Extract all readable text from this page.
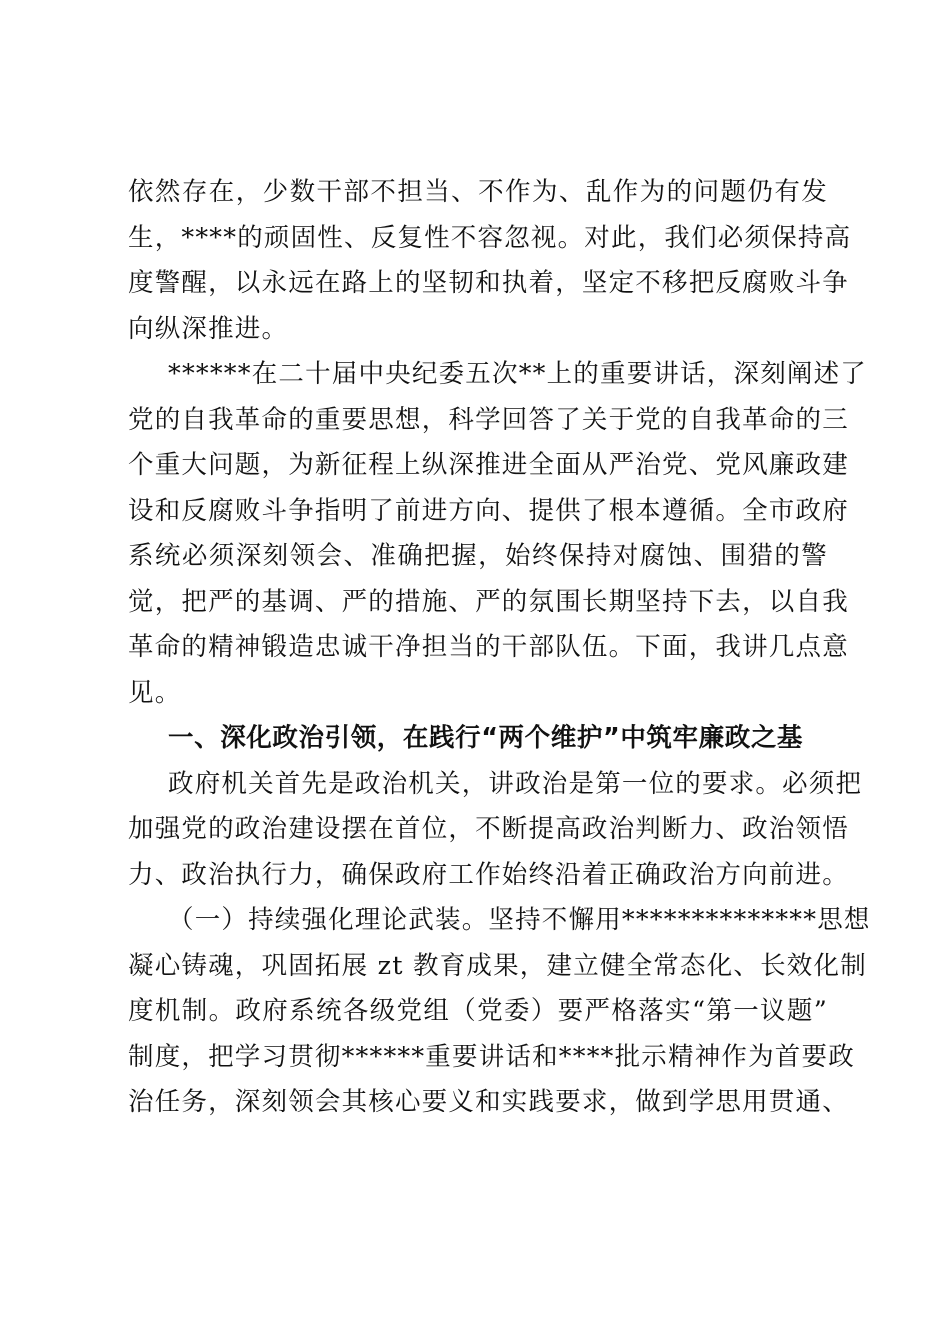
依然存在，少数干部不担当、不作为、乱作为的问题仍有发
生，****的顽固性、反复性不容忽视。对此，我们必须保持高
度警醒，以永远在路上的坚韧和执着，坚定不移把反腐败斗争
向纵深推进。
******在二十届中央纪委五次**上的重要讲话，深刻阐述了
党的自我革命的重要思想，科学回答了关于党的自我革命的三
个重大问题，为新征程上纵深推进全面从严治党、党风廉政建
设和反腐败斗争指明了前进方向、提供了根本遵循。全市政府
系统必须深刻领会、准确把握，始终保持对腐蚀、围猎的警
觉，把严的基调、严的措施、严的氛围长期坚持下去，以自我
革命的精神锻造忠诚干净担当的干部队伍。下面，我讲几点意
见。
一、深化政治引领，在践行“两个维护”中筑牢廉政之基
政府机关首先是政治机关，讲政治是第一位的要求。必须把
加强党的政治建设摆在首位，不断提高政治判断力、政治领悟
力、政治执行力，确保政府工作始终沿着正确政治方向前进。
（一）持续强化理论武装。坚持不懈用**************思想
凝心铸魂，巩固拓展 zt 教育成果，建立健全常态化、长效化制
度机制。政府系统各级党组（党委）要严格落实“第一议题”
制度，把学习贯彻******重要讲话和****批示精神作为首要政
治任务，深刻领会其核心要义和实践要求，做到学思用贯通、
